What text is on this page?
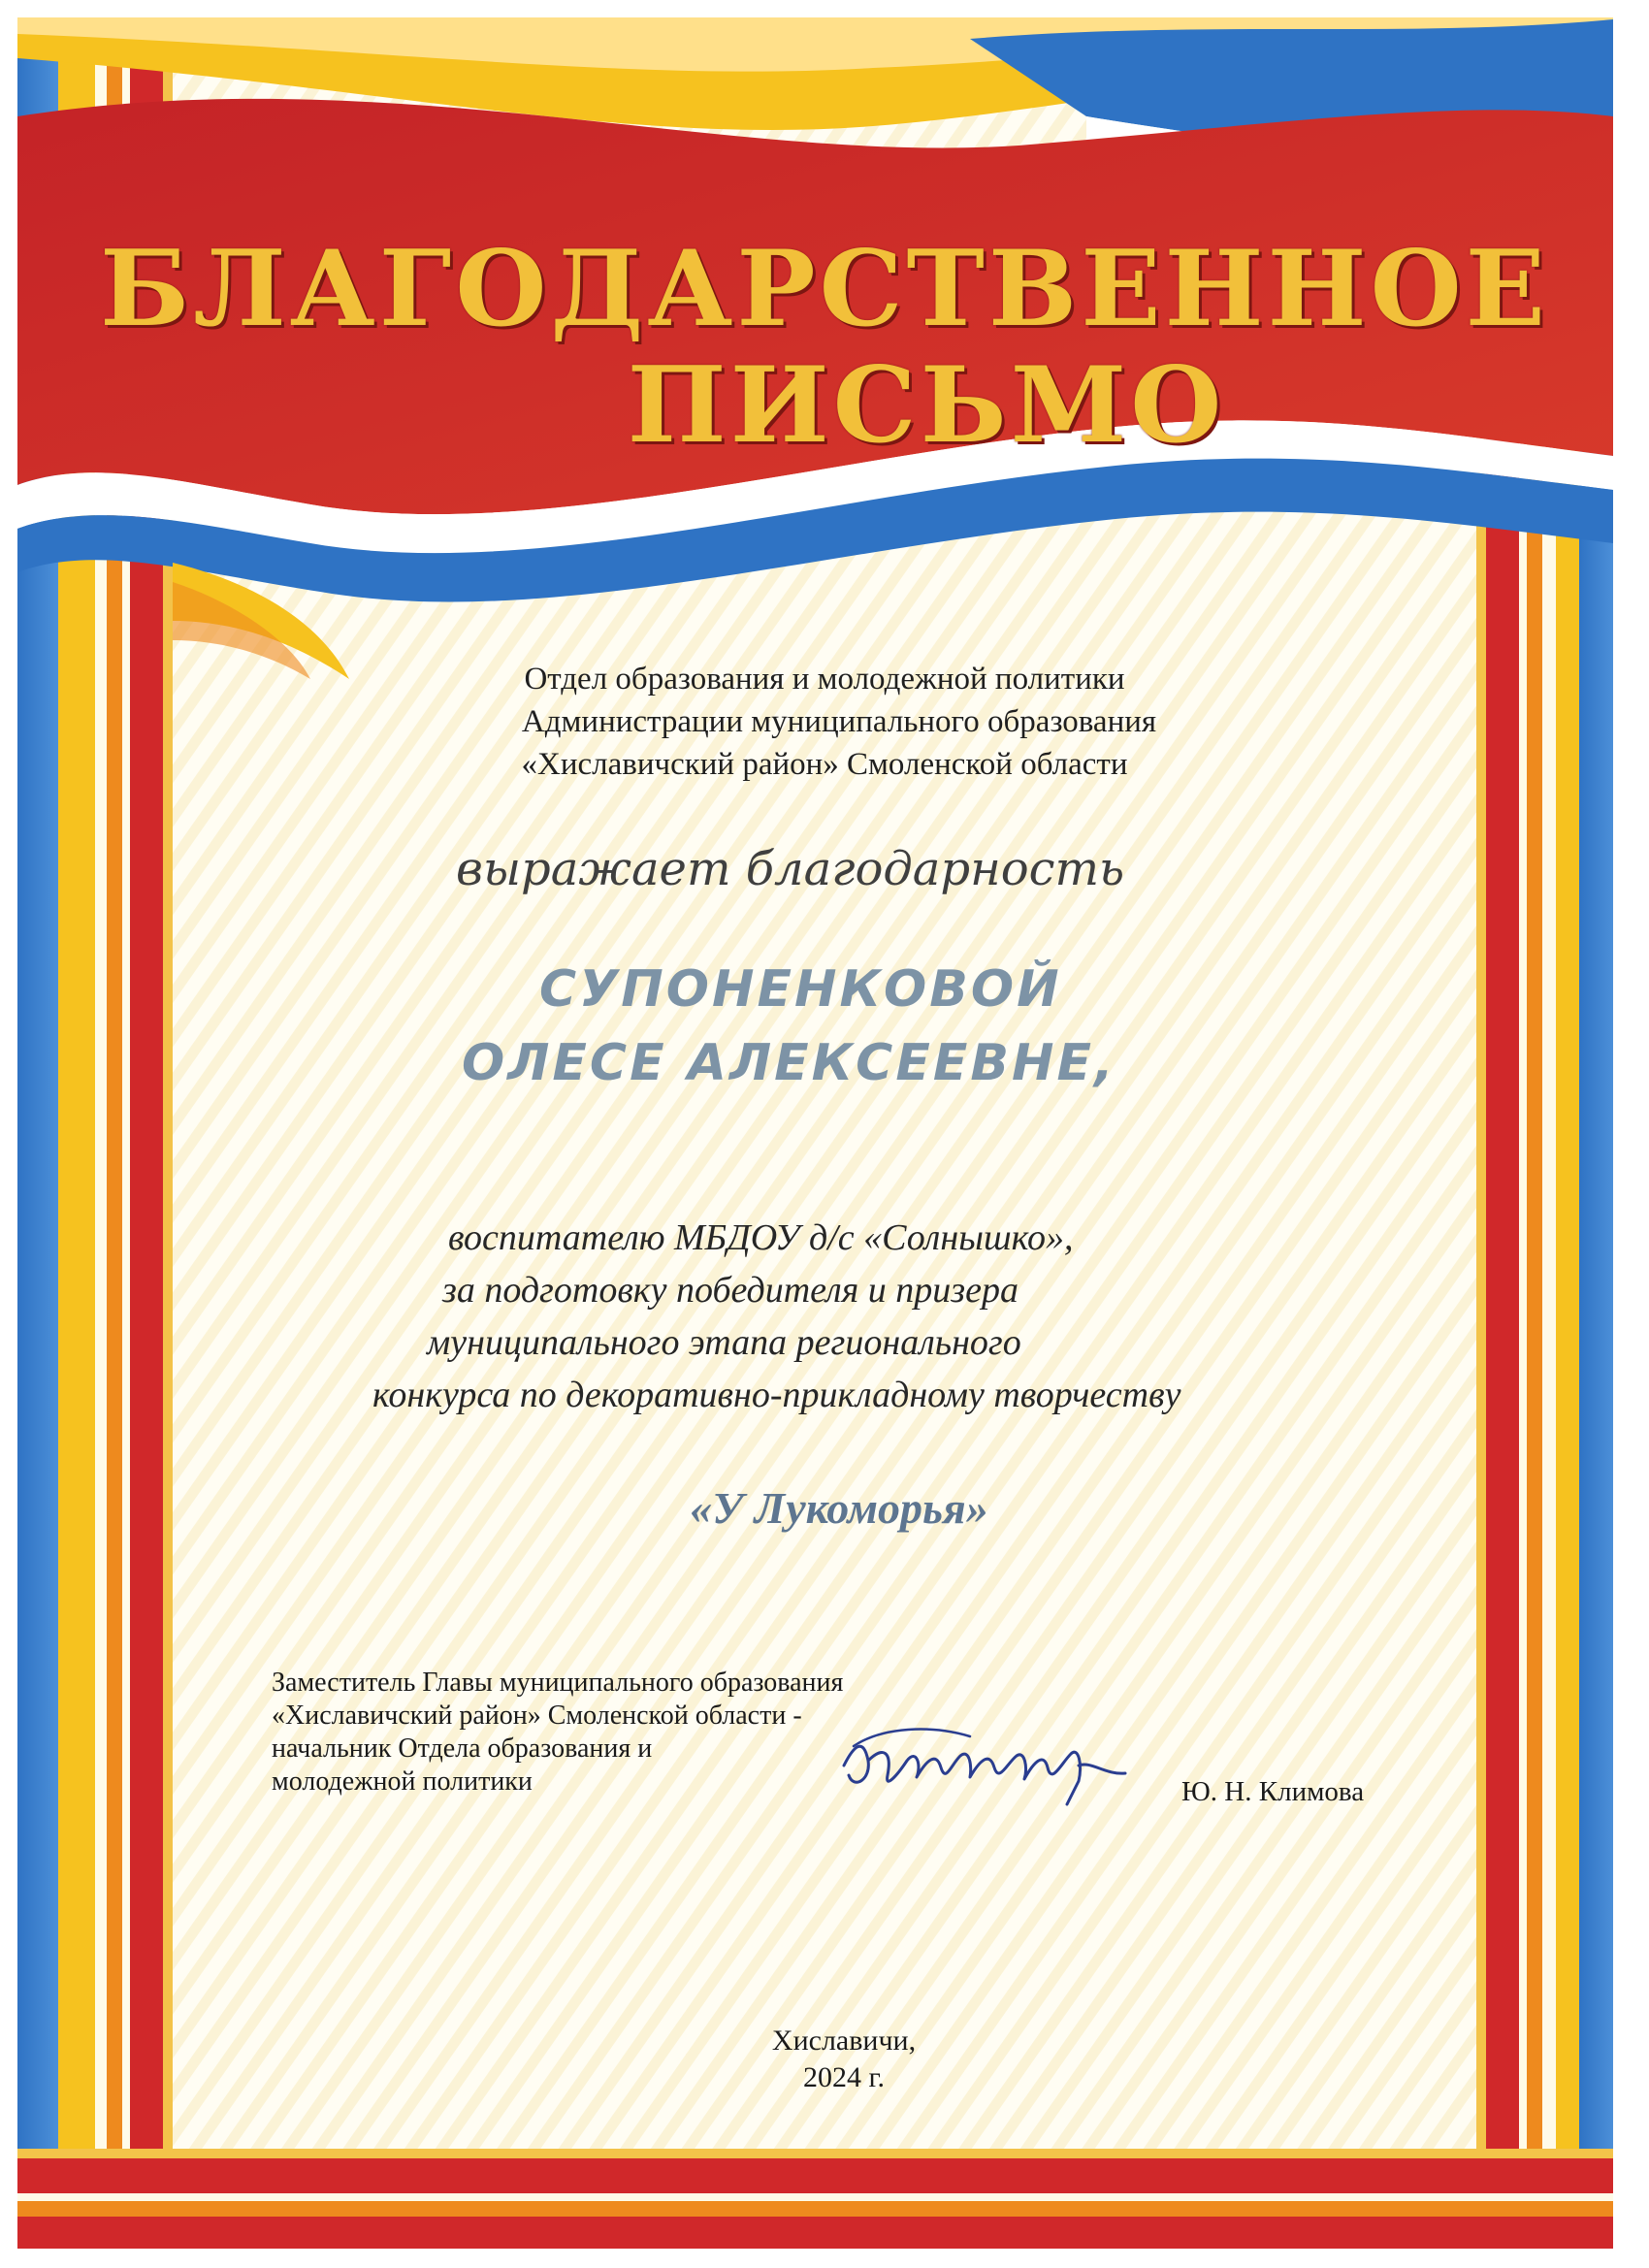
БЛАГОДАРСТВЕННОЕ
ПИСЬМО

Отдел образования и молодежной политики

Администрации муниципального образования

«Хиславичский район» Смоленской области

выражает благодарность

СУПОНЕНКОВОЙ

ОЛЕСЕ АЛЕКСЕЕВНЕ,

воспитателю МБДОУ д/с «Солнышко»,

за подготовку победителя и призера

муниципального этапа регионального

конкурса по декоративно-прикладному творчеству

«У Лукоморья»

Заместитель Главы муниципального образования

«Хиславичский район» Смоленской области -

начальник Отдела образования и

молодежной политики	Ю. Н. Климова

Хиславичи,

2024 г.
